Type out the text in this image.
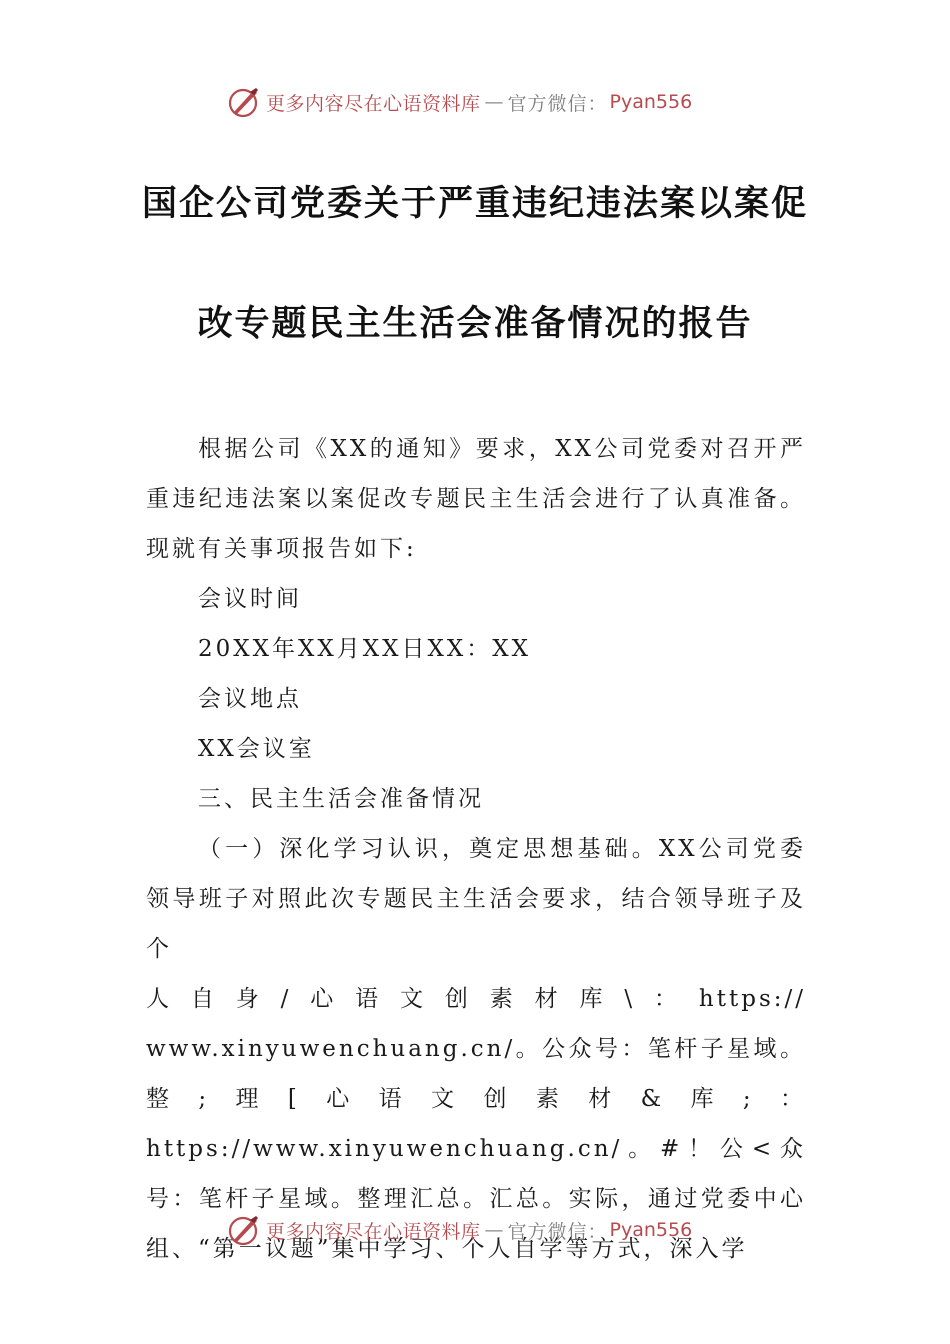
更多内容尽在心语资料库 — 官方微信： Pyan556
国企公司党委关于严重违纪违法案以案促
改专题民主生活会准备情况的报告

根据公司《XX的通知》要求，XX公司党委对召开严重违纪违法案以案促改专题民主生活会进行了认真准备。现就有关事项报告如下:

会议时间

20XX年XX月XX日XX：XX

会议地点

XX会议室

三、民主生活会准备情况

（一）深化学习认识，奠定思想基础。XX公司党委领导班子对照此次专题民主生活会要求，结合领导班子及个

人自身/心语文创素材库\：https://

www.xinyuwenchuang.cn/。公众号：笔杆子星域。整;理[心语文创素材&库;：https://www.xinyuwenchuang.cn/。#！公<众号：笔杆子星域。整理汇总。汇总。实际，通过党委中心组、“第一议题”集中学习、个人自学等方式，深入学

更多内容尽在心语资料库 — 官方微信： Pyan556
